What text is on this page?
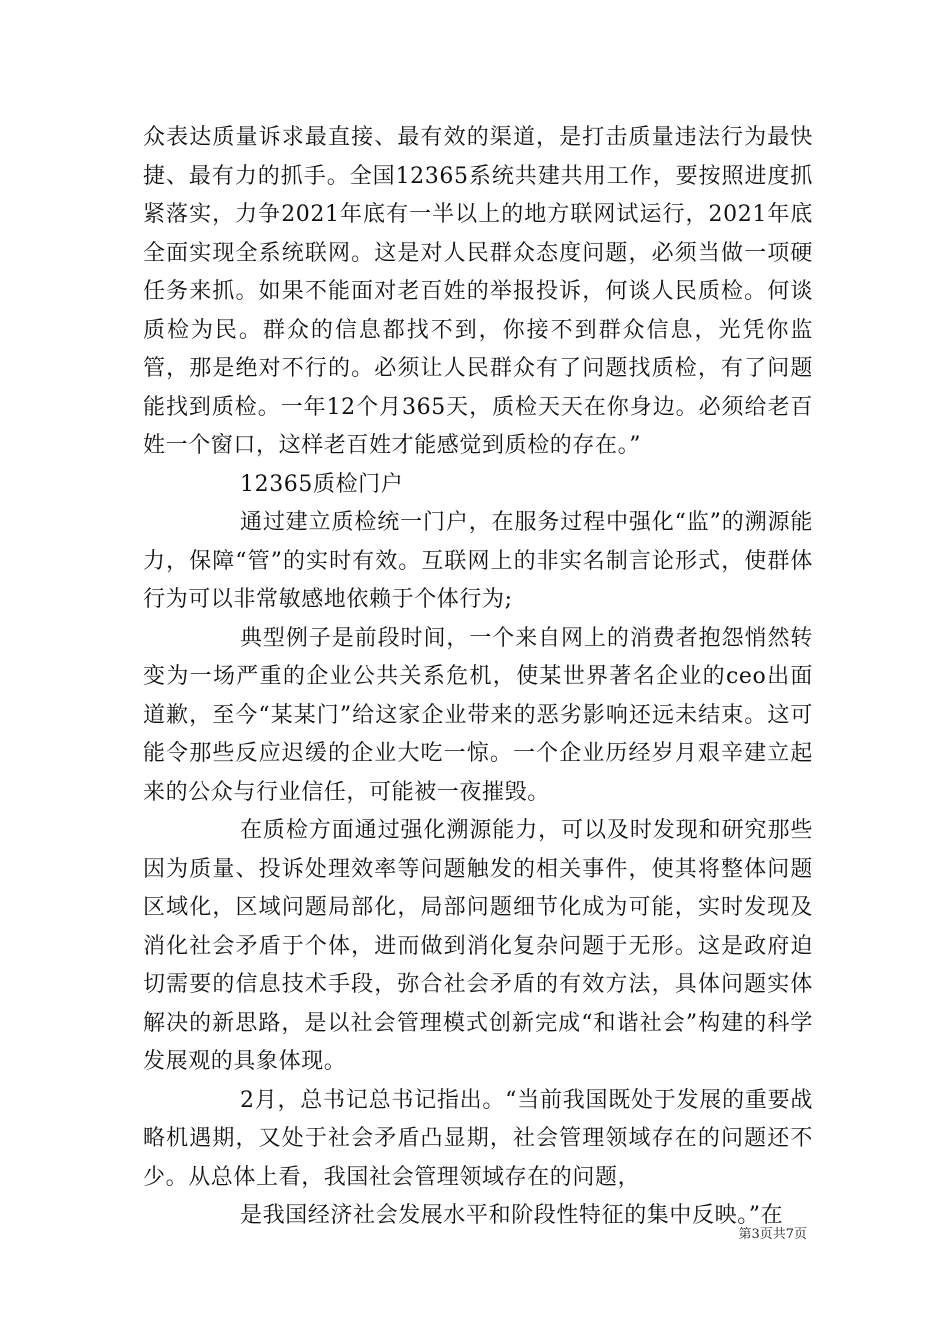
众表达质量诉求最直接、最有效的渠道，是打击质量违法行为最快捷、最有力的抓手。全国12365系统共建共用工作，要按照进度抓紧落实，力争2021年底有一半以上的地方联网试运行，2021年底全面实现全系统联网。这是对人民群众态度问题，必须当做一项硬任务来抓。如果不能面对老百姓的举报投诉，何谈人民质检。何谈质检为民。群众的信息都找不到，你接不到群众信息，光凭你监管，那是绝对不行的。必须让人民群众有了问题找质检，有了问题能找到质检。一年12个月365天，质检天天在你身边。必须给老百姓一个窗口，这样老百姓才能感觉到质检的存在。”

12365质检门户

通过建立质检统一门户，在服务过程中强化“监”的溯源能力，保障“管”的实时有效。互联网上的非实名制言论形式，使群体行为可以非常敏感地依赖于个体行为;

典型例子是前段时间，一个来自网上的消费者抱怨悄然转变为一场严重的企业公共关系危机，使某世界著名企业的ceo出面道歉，至今“某某门”给这家企业带来的恶劣影响还远未结束。这可能令那些反应迟缓的企业大吃一惊。一个企业历经岁月艰辛建立起来的公众与行业信任，可能被一夜摧毁。

在质检方面通过强化溯源能力，可以及时发现和研究那些因为质量、投诉处理效率等问题触发的相关事件，使其将整体问题区域化，区域问题局部化，局部问题细节化成为可能，实时发现及消化社会矛盾于个体，进而做到消化复杂问题于无形。这是政府迫切需要的信息技术手段，弥合社会矛盾的有效方法，具体问题实体解决的新思路，是以社会管理模式创新完成“和谐社会”构建的科学发展观的具象体现。

2月，总书记总书记指出。“当前我国既处于发展的重要战略机遇期，又处于社会矛盾凸显期，社会管理领域存在的问题还不少。从总体上看，我国社会管理领域存在的问题，

是我国经济社会发展水平和阶段性特征的集中反映。”在

第3页共7页
